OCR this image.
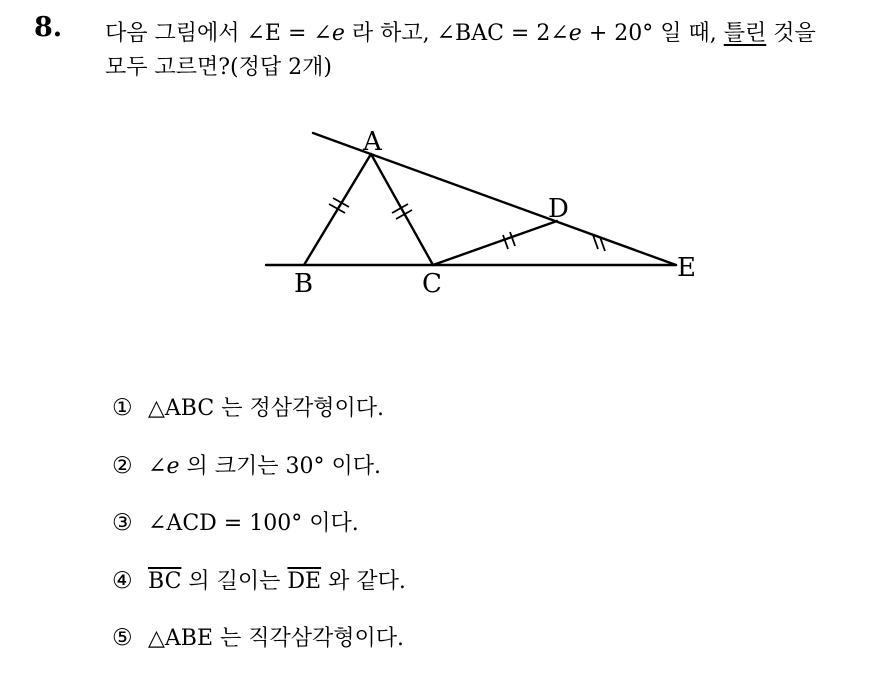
8. 다음 그림에서 ∠E = ∠e 라 하고, ∠BAC = 2∠e + 20° 일 때, 틀린 것을
모두 고르면?(정답 2개)
A
B	C
D
E
① △ABC 는 정삼각형이다.
② ∠e 의 크기는 30° 이다.
③ ∠ACD = 100° 이다.
④ $\overline{BC}$ 의 길이는 $\overline{DE}$ 와 같다.
⑤ △ABE 는 직각삼각형이다.
